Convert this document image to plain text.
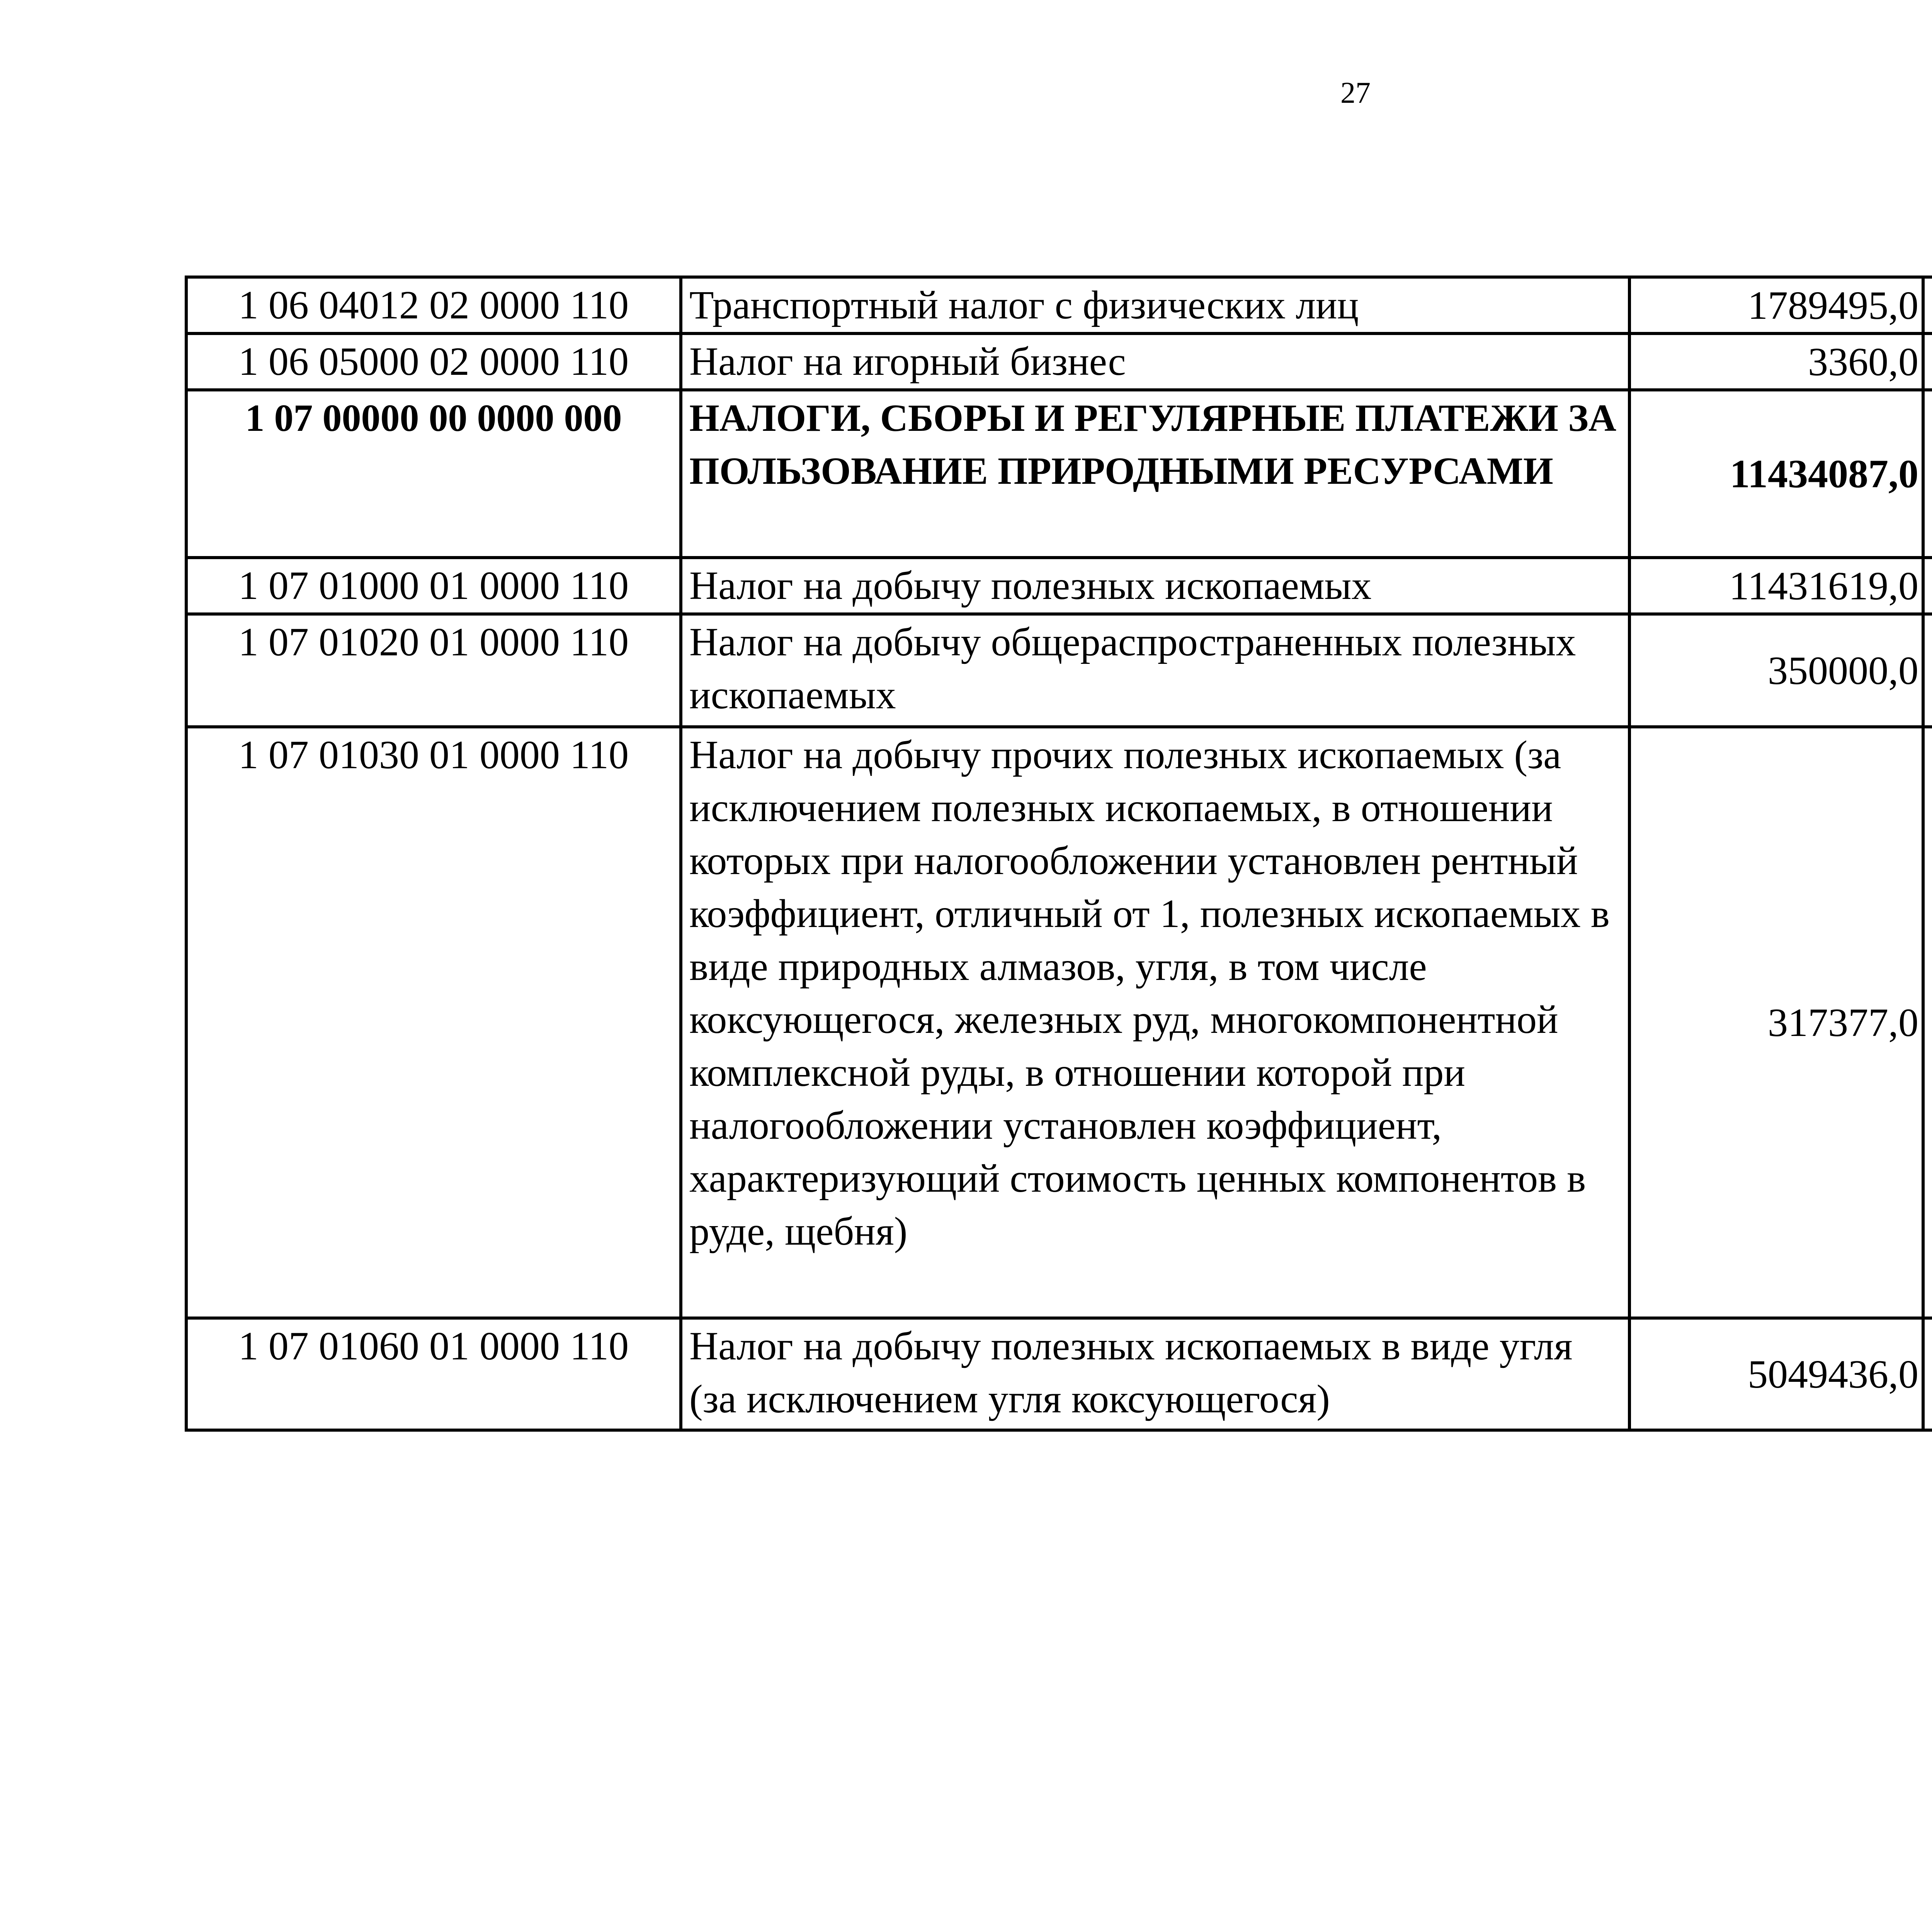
27
1 06 04012 02 0000 110	Транспортный налог с физических лиц	1789495,0		
1 06 05000 02 0000 110	Налог на игорный бизнес	3360,0		
1 07 00000 00 0000 000	НАЛОГИ, СБОРЫ И РЕГУЛЯРНЫЕ ПЛАТЕЖИ ЗА ПОЛЬЗОВАНИЕ ПРИРОДНЫМИ РЕСУРСАМИ	11434087,0		
1 07 01000 01 0000 110	Налог на добычу полезных ископаемых	11431619,0		
1 07 01020 01 0000 110	Налог на добычу общераспространенных полезных ископаемых	350000,0		
1 07 01030 01 0000 110	Налог на добычу прочих полезных ископаемых (за исключением полезных ископаемых, в отношении которых при налогообложении установлен рентный коэффициент, отличный от 1, полезных ископаемых в виде природных алмазов, угля, в том числе коксующегося, железных руд, многокомпонентной комплексной руды, в отношении которой при налогообложении установлен коэффициент, характеризующий стоимость ценных компонентов в руде, щебня)	317377,0		
1 07 01060 01 0000 110	Налог на добычу полезных ископаемых в виде угля (за исключением угля коксующегося)	5049436,0		
